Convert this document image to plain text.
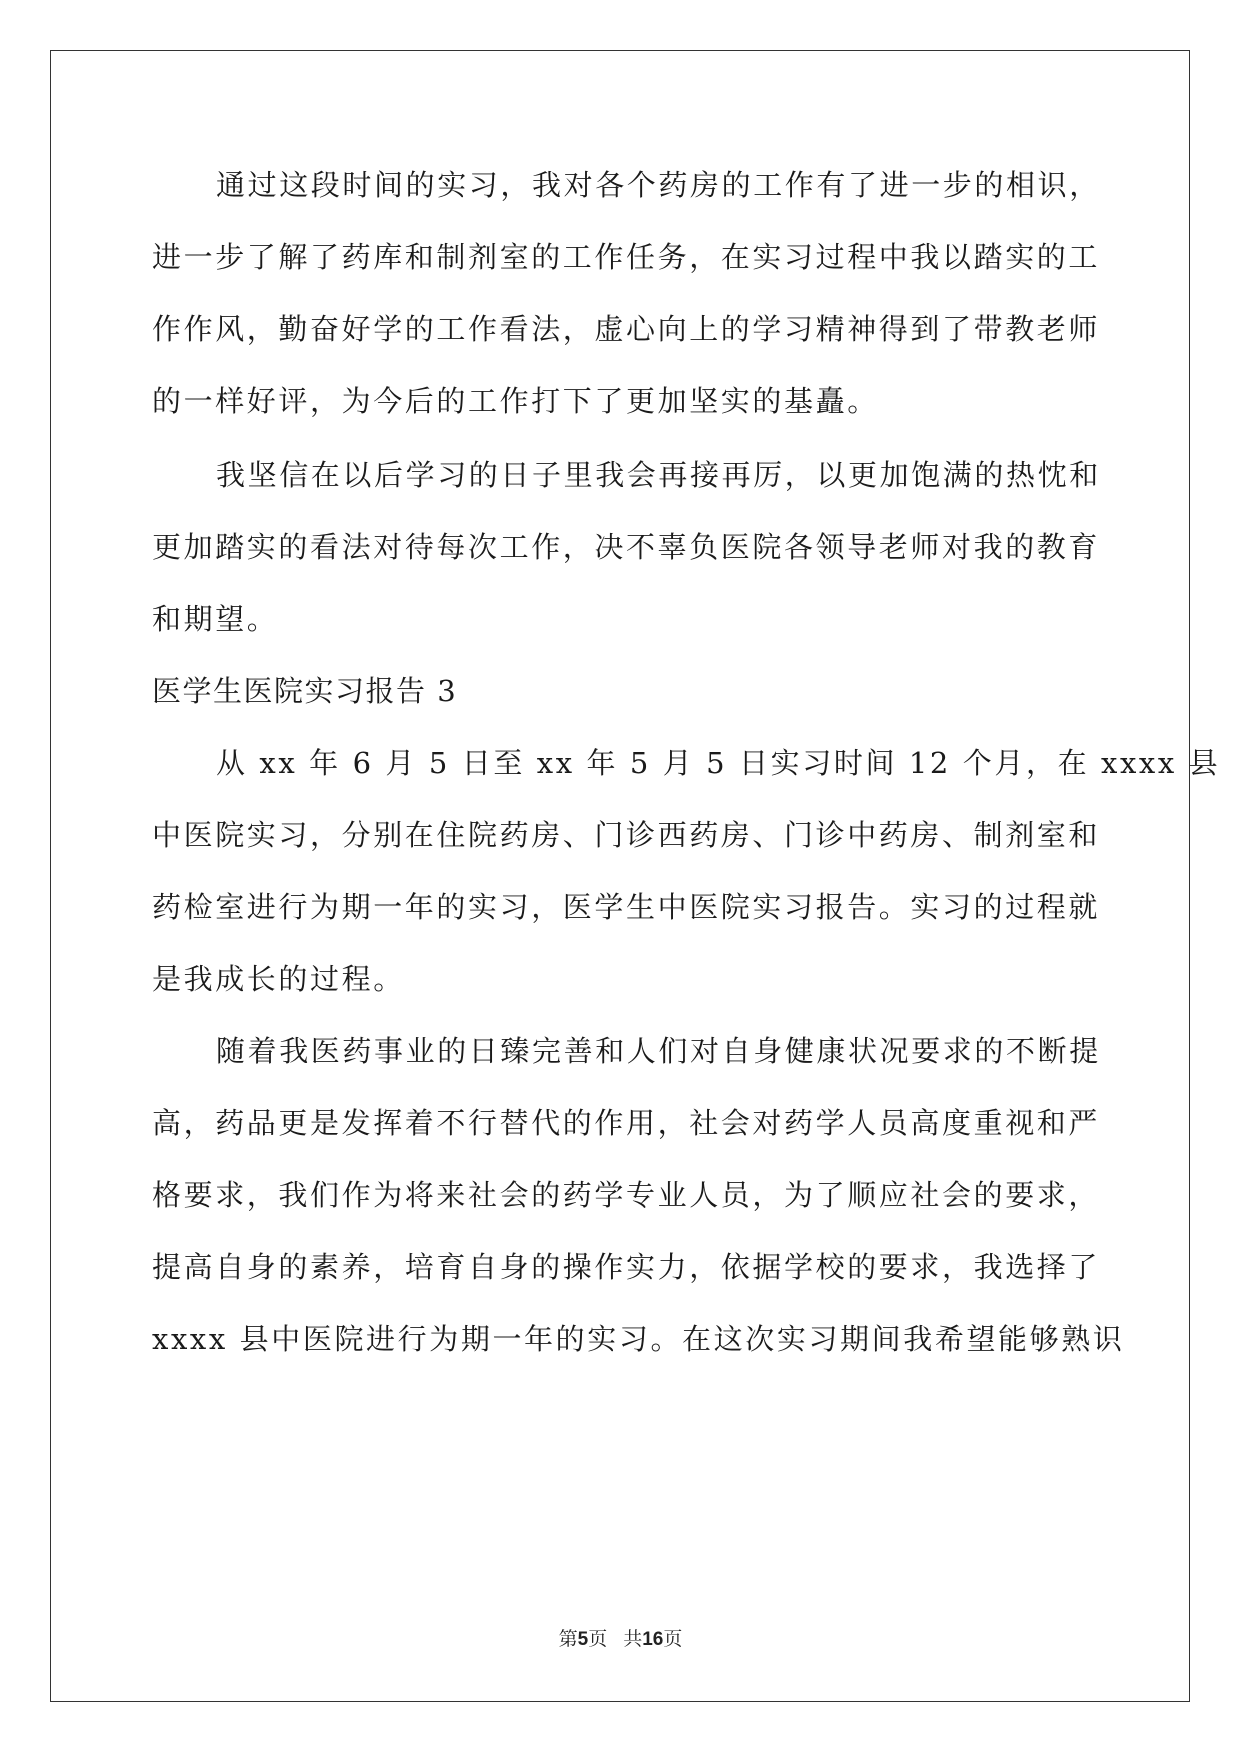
通过这段时间的实习，我对各个药房的工作有了进一步的相识，
进一步了解了药库和制剂室的工作任务，在实习过程中我以踏实的工
作作风，勤奋好学的工作看法，虚心向上的学习精神得到了带教老师
的一样好评，为今后的工作打下了更加坚实的基矗。
我坚信在以后学习的日子里我会再接再厉，以更加饱满的热忱和
更加踏实的看法对待每次工作，决不辜负医院各领导老师对我的教育
和期望。
医学生医院实习报告 3
从 xx 年 6 月 5 日至 xx 年 5 月 5 日实习时间 12 个月，在 xxxx 县
中医院实习，分别在住院药房、门诊西药房、门诊中药房、制剂室和
药检室进行为期一年的实习，医学生中医院实习报告。实习的过程就
是我成长的过程。
随着我医药事业的日臻完善和人们对自身健康状况要求的不断提
高，药品更是发挥着不行替代的作用，社会对药学人员高度重视和严
格要求，我们作为将来社会的药学专业人员，为了顺应社会的要求，
提高自身的素养，培育自身的操作实力，依据学校的要求，我选择了
xxxx 县中医院进行为期一年的实习。在这次实习期间我希望能够熟识
第5页 共16页
